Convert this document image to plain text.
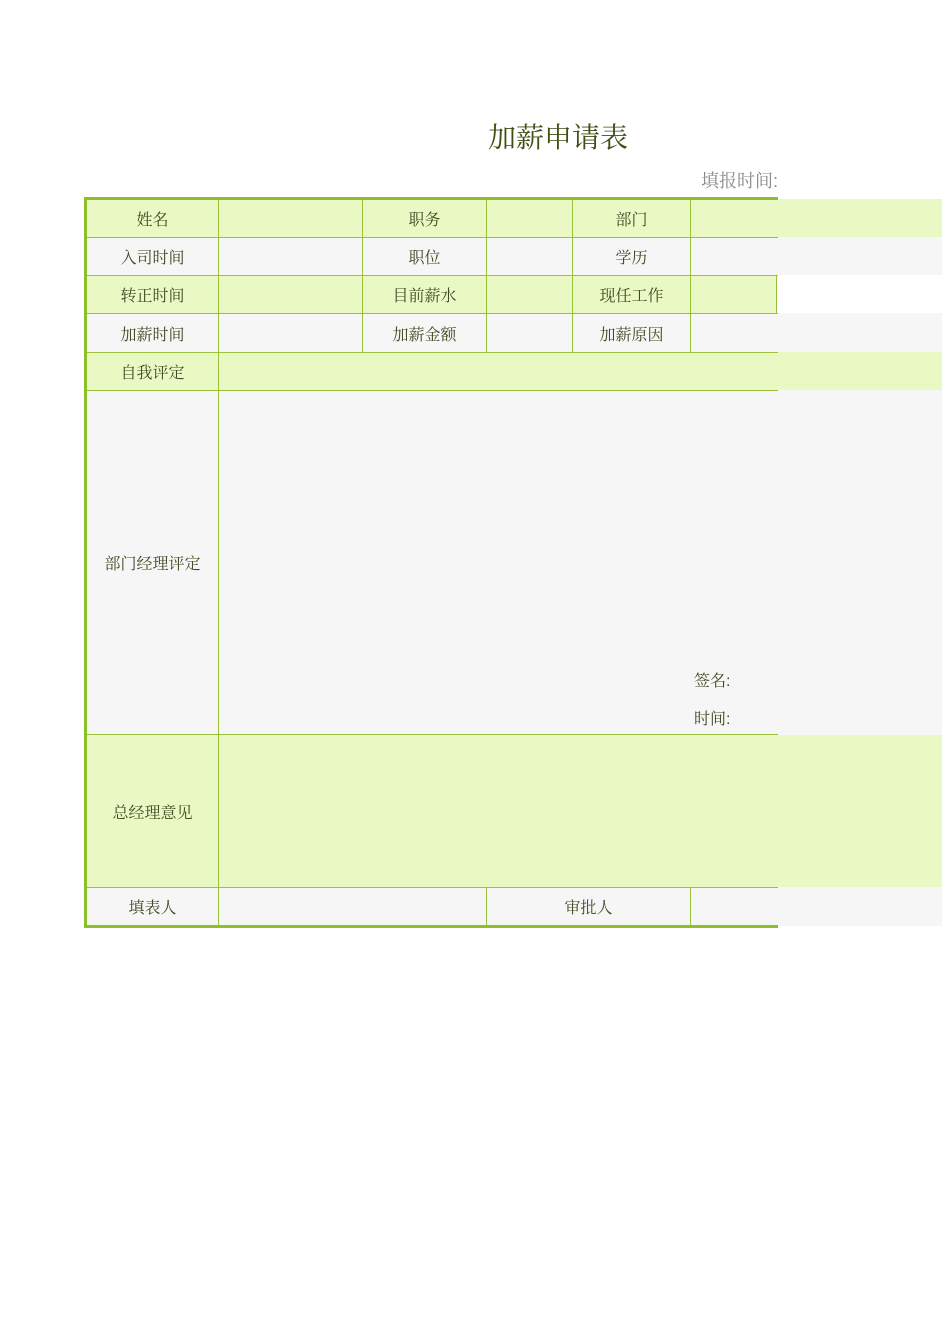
加薪申请表
填报时间:
姓名	职务	部门
入司时间	职位	学历
转正时间	目前薪水	现任工作
加薪时间	加薪金额	加薪原因
自我评定
部门经理评定
签名:
时间:
总经理意见
填表人	审批人
